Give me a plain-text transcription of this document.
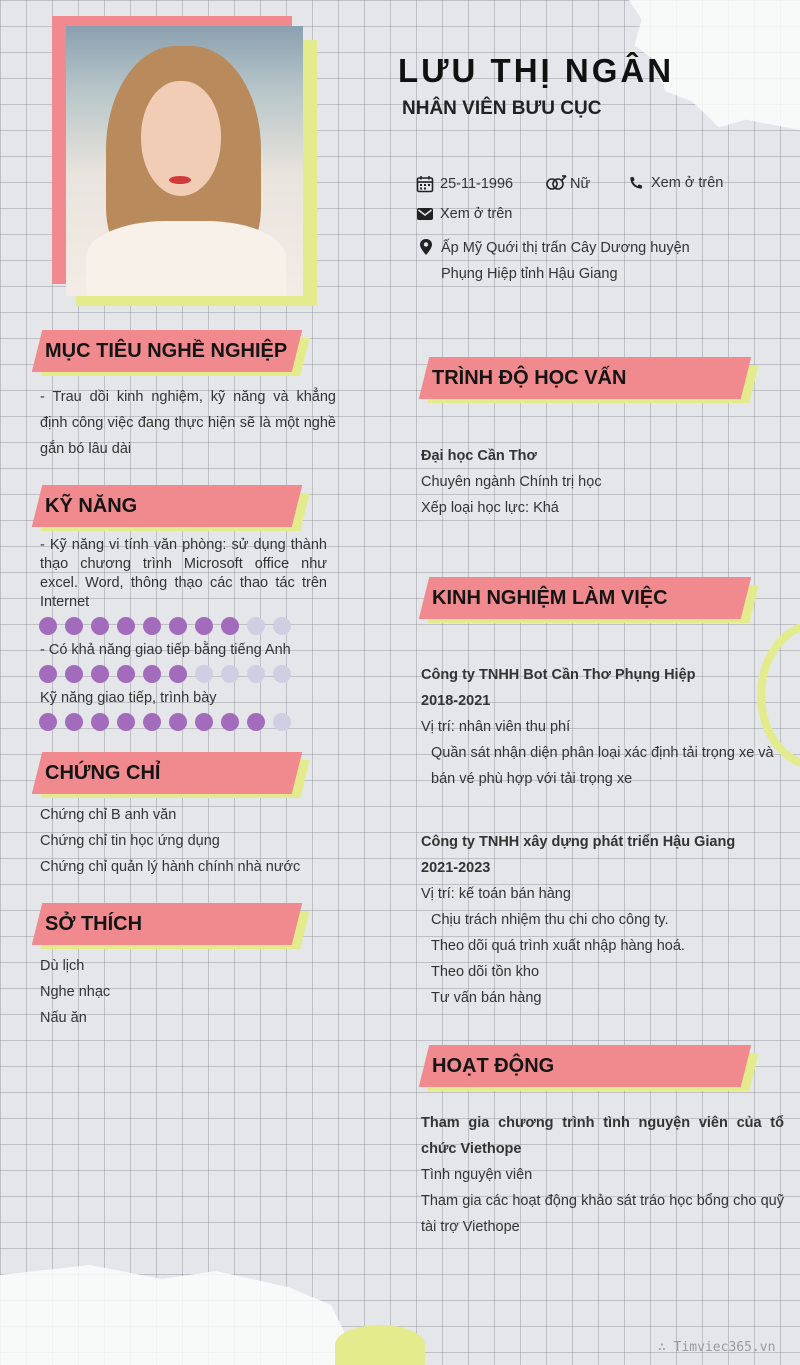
LƯU THỊ NGÂN
NHÂN VIÊN BƯU CỤC
25-11-1996	Nữ	Xem ở trên
Xem ở trên
Ấp Mỹ Quới thị trấn Cây Dương huyện
Phụng Hiệp tỉnh Hậu Giang
MỤC TIÊU NGHỀ NGHIỆP
- Trau dồi kinh nghiệm, kỹ năng và khẳng định công việc đang thực hiện sẽ là một nghề gắn bó lâu dài
KỸ NĂNG
- Kỹ năng vi tính văn phòng: sử dụng thành thạo chương trình Microsoft office như excel. Word, thông thạo các thao tác trên Internet
- Có khả năng giao tiếp bằng tiếng Anh
Kỹ năng giao tiếp, trình bày
CHỨNG CHỈ

Chứng chỉ B anh văn

Chứng chỉ tin học ứng dụng

Chứng chỉ quản lý hành chính nhà nước

SỞ THÍCH

Dù lịch

Nghe nhạc

Nấu ăn

TRÌNH ĐỘ HỌC VẤN

Đại học Cần Thơ

Chuyên ngành Chính trị học

Xếp loại học lực: Khá

KINH NGHIỆM LÀM VIỆC

Công ty TNHH Bot Cần Thơ Phụng Hiệp

2018-2021

Vị trí: nhân viên thu phí

Quần sát nhận diện phân loại xác định tải trọng xe và

bán vé phù hợp với tải trọng xe

Công ty TNHH xây dựng phát triển Hậu Giang

2021-2023

Vị trí: kế toán bán hàng

Chịu trách nhiệm thu chi cho công ty.

Theo dõi quá trình xuất nhập hàng hoá.

Theo dõi tồn kho

Tư vấn bán hàng

HOẠT ĐỘNG

Tham gia chương trình tình nguyện viên của tổ chức Viethope

Tình nguyện viên

Tham gia các hoạt động khảo sát tráo học bổng cho quỹ tài trợ Viethope

∴ Timviec365.vn
